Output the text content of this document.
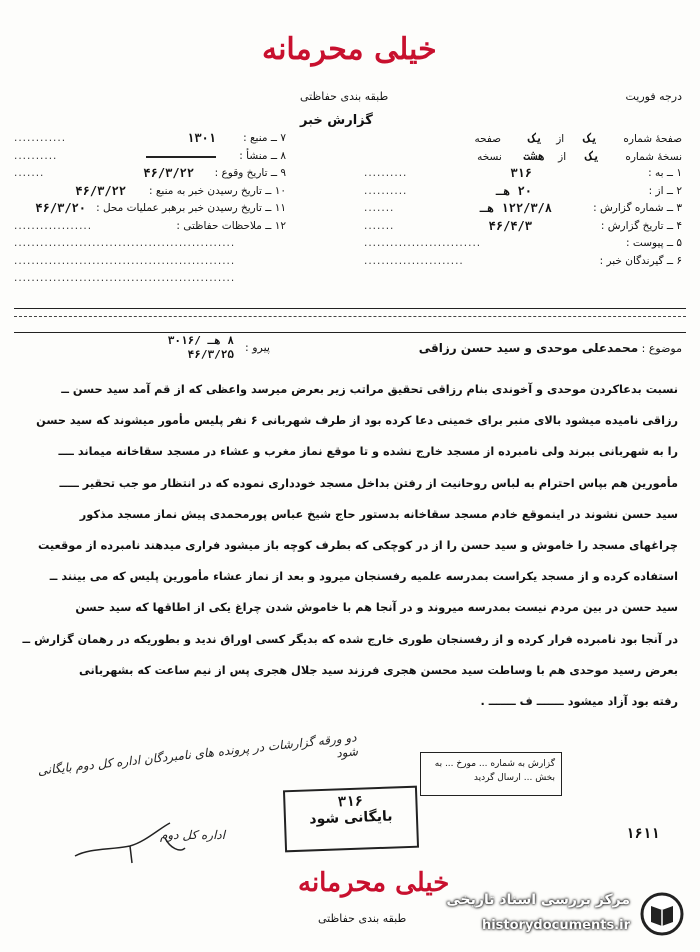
خیلی محرمانه
درجه فوریت
طبقه بندی حفاظتی
گزارش خبر
صفحهٔ شماره یک از یک صفحه
نسخهٔ شماره یک از هشت نسخه
۱ ــ به :
۳۱۶
..........
۲ ــ از :
۲۰ هـ
..........
۳ ــ شماره گزارش :
۱۲۲/۳/۸ هـ
.......
۴ ــ تاریخ گزارش :
۴۶/۴/۳
.......
۵ ــ پیوست :
...........................
۶ ــ گیرندگان خبر :
.......................
۷ ــ منبع :
۱۳۰۱
............
۸ ــ منشأ :
..........
۹ ــ تاریخ وقوع :
۴۶/۳/۲۲
.......
۱۰ ــ تاریخ رسیدن خبر به منبع :
۴۶/۳/۲۲
۱۱ ــ تاریخ رسیدن خبر برهبر عملیات محل :
۴۶/۳/۲۰
۱۲ ــ ملاحظات حفاظتی :
..................
...................................................
...................................................
...................................................
موضوع : محمدعلی موحدی و سید حسن رزاقی
پیرو :
۸ هـ /۳۰۱۶
۴۶/۳/۲۵
نسبت بدعاکردن موحدی و آخوندی بنام رزاقی تحقیق مراتب زیر بعرض میرسد واعظی که از قم آمد سید حسن ــ
رزاقی نامیده میشود بالای منبر برای خمینی دعا کرده بود از طرف شهربانی ۶ نفر پلیس مأمور میشوند که سید حسن
را به شهربانی ببرند ولی نامبرده از مسجد خارج نشده و تا موقع نماز مغرب و عشاء در مسجد سقاخانه میماند ــــ
مأمورین هم بپاس احترام به لباس روحانیت از رفتن بداخل مسجد خودداری نموده که در انتظار مو جب تحقیر ـــــ
سید حسن نشوند در اینموقع خادم مسجد سقاخانه بدستور حاج شیخ عباس پورمحمدی پیش نماز مسجد مذکور
چراغهای مسجد را خاموش و سید حسن را از در کوچکی که بطرف کوچه باز میشود فراری میدهند نامبرده از موقعیت
استفاده کرده و از مسجد یکراست بمدرسه علمیه رفسنجان میرود و بعد از نماز عشاء مأمورین پلیس که می بینند ــ
سید حسن در بین مردم نیست بمدرسه میروند و در آنجا هم با خاموش شدن چراغ یکی از اطاقها که سید حسن
در آنجا بود نامبرده فرار کرده و از رفسنجان طوری خارج شده که بدیگر کسی اوراق ندید و بطوریکه در رهمان گزارش ــ
بعرض رسید موحدی هم با وساطت سید محسن هجری فرزند سید جلال هجری پس از نیم ساعت که بشهربانی
رفته بود آزاد میشود ـــــــ ف ـــــــ .
دو ورقه گزارشات در پرونده های نامبردگان اداره کل دوم بایگانی شود
اداره کل دوم
گزارش به شماره ... مورخ ... به بخش ... ارسال گردید
۳۱۶
بایگانی شود
۱۶۱۱
خیلی محرمانه
طبقه بندی حفاظتی
مرکز بررسی اسناد تاریخی
historydocuments.ir
